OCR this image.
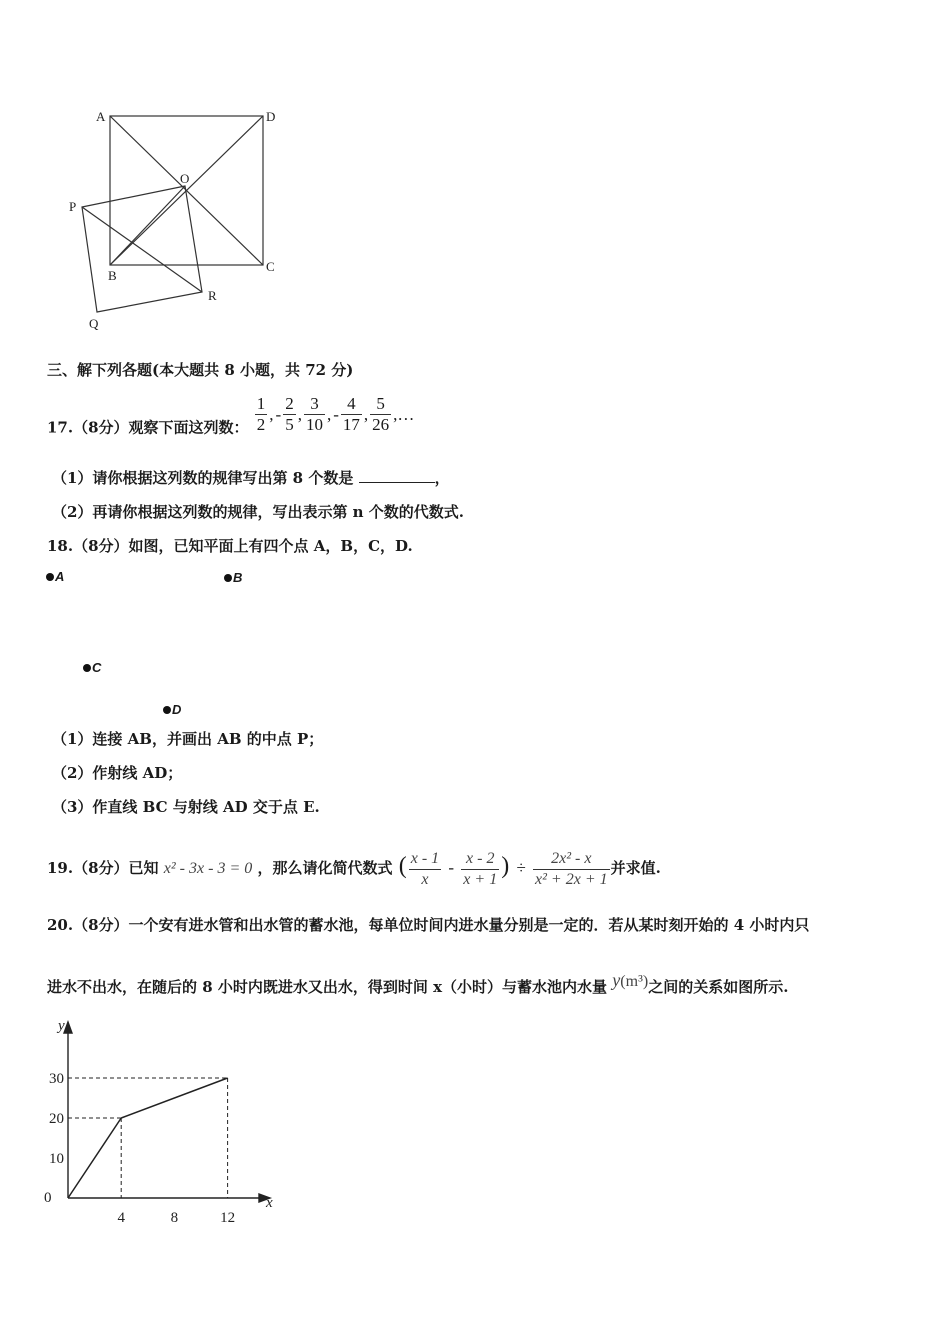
A	D
O
P
B
C
R
Q
三、解下列各题(本大题共 8 小题，共 72 分)
17.（8分）观察下面这列数： $\frac{1}{2}$ , - $\frac{2}{5}$ , $\frac{3}{10}$ , - $\frac{4}{17}$ , $\frac{5}{26}$ ,…
（1）请你根据这列数的规律写出第 8 个数是	，
（2）再请你根据这列数的规律，写出表示第 n 个数的代数式.
18.（8分）如图，已知平面上有四个点 A，B，C，D.
A	B
C
D
（1）连接 AB，并画出 AB 的中点 P；
（2）作射线 AD；
（3）作直线 BC 与射线 AD 交于点 E.
19.（8分）已知 x² - 3x - 3 = 0 ，那么请化简代数式 ( $\frac{x - 1}{x} - \frac{x - 2}{x + 1}$ ) ÷ $\frac{\text{2x² - x}}{\text{x² + 2x + 1}}$ 并求值.
20.（8分）一个安有进水管和出水管的蓄水池，每单位时间内进水量分别是一定的．若从某时刻开始的 4 小时内只
进水不出水，在随后的 8 小时内既进水又出水，得到时间 x（小时）与蓄水池内水量 y(m³)之间的关系如图所示.
4	8	12
10
20
30
0
y
x
